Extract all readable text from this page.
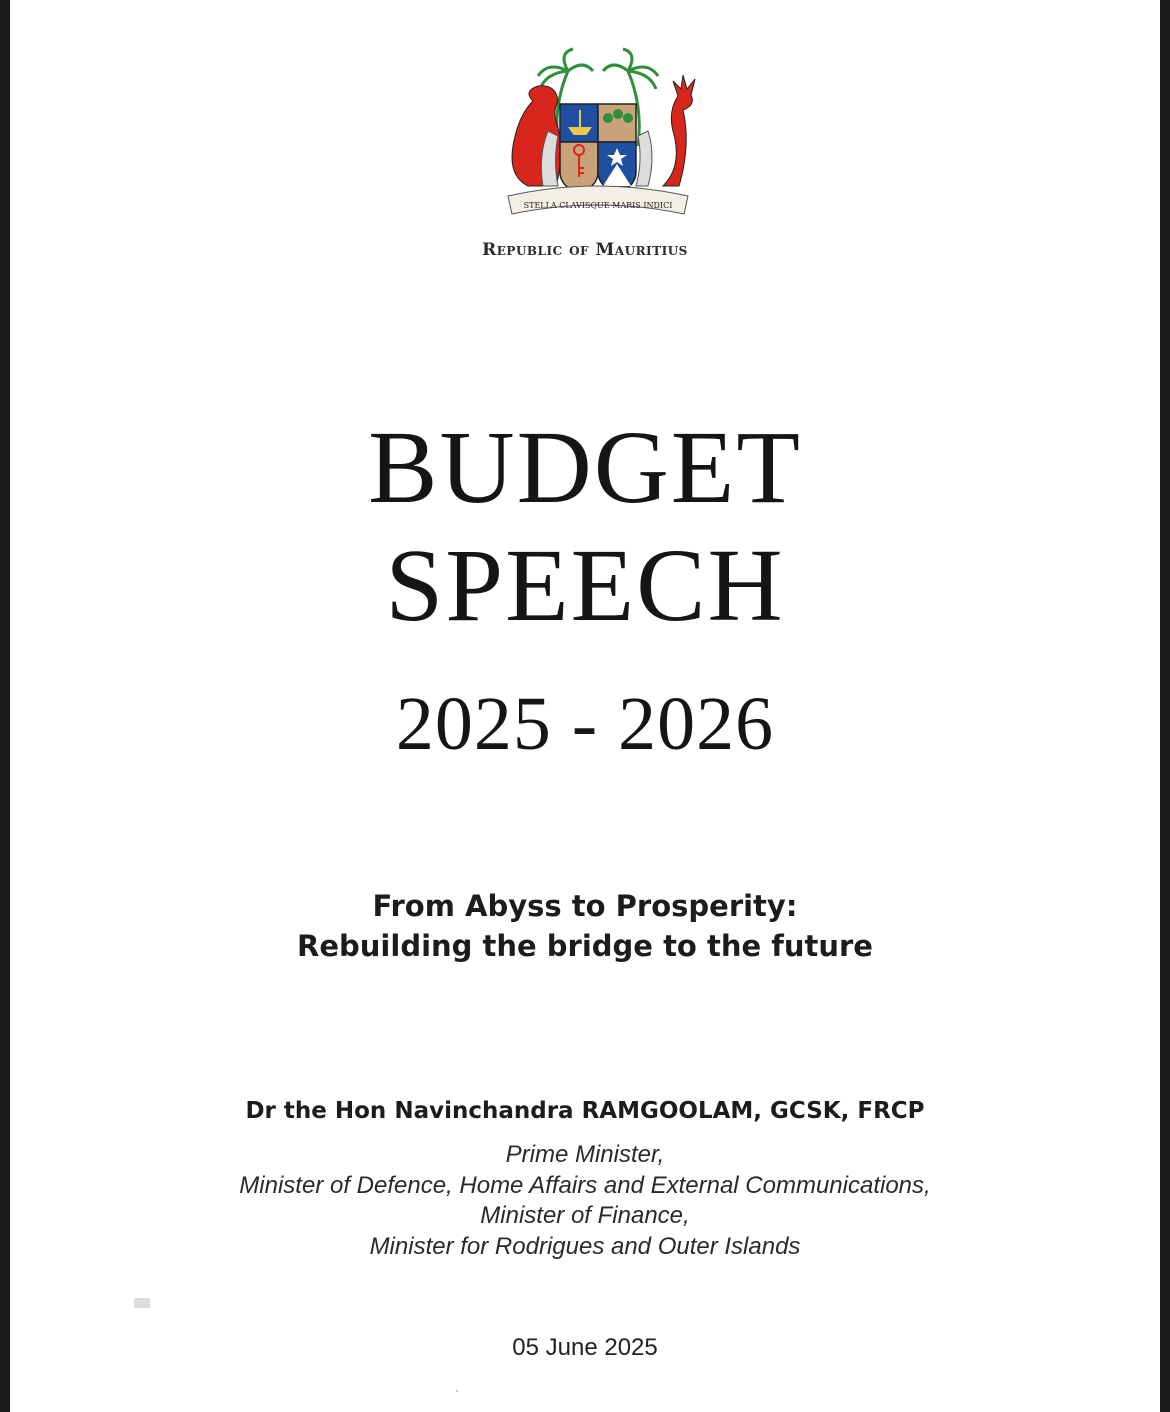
STELLA CLAVISQUE MARIS INDICI
Republic of Mauritius
BUDGET
SPEECH
2025 - 2026
From Abyss to Prosperity:
Rebuilding the bridge to the future
Dr the Hon Navinchandra RAMGOOLAM, GCSK, FRCP
Prime Minister,
Minister of Defence, Home Affairs and External Communications,
Minister of Finance,
Minister for Rodrigues and Outer Islands
05 June 2025
